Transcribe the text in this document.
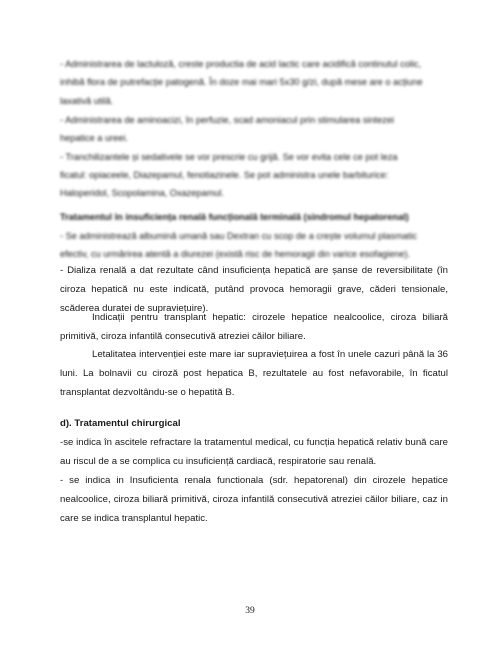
- Administrarea de lactuloză, creste productia de acid lactic care acidifică continutul colic,
inhibă flora de putrefacție patogenă. În doze mai mari 5x30 g/zi, după mese are o acțiune
laxativă utilă.
- Administrarea de aminoacizi, în perfuzie, scad amoniacul prin stimularea sintezei
hepatice a ureei.
- Tranchilizantele și sedativele se vor prescrie cu grijă. Se vor evita cele ce pot leza
ficatul: opiaceele, Diazepamul, fenotiazinele. Se pot administra unele barbiturice:
Haloperidol, Scopolamina, Oxazepamul.
Tratamentul în insuficiența renală funcțională terminală (sindromul hepatorenal)
- Se administrează albumină umană sau Dextran cu scop de a crește volumul plasmatic
efectiv, cu urmărirea atentă a diurezei (există risc de hemoragii din varice esofagiene).
- Dializa renală a dat rezultate când insuficiența hepatică are șanse de reversibilitate (în ciroza hepatică nu este indicată, putând provoca hemoragii grave, căderi tensionale, scăderea duratei de supraviețuire).
Indicații pentru transplant hepatic: cirozele hepatice nealcoolice, ciroza biliară primitivă, ciroza infantilă consecutivă atreziei căilor biliare.
Letalitatea intervenției este mare iar supraviețuirea a fost în unele cazuri până la 36 luni. La bolnavii cu ciroză post hepatica B, rezultatele au fost nefavorabile, în ficatul transplantat dezvoltându-se o hepatită B.
d). Tratamentul chirurgical
-se indica în ascitele refractare la tratamentul medical, cu funcția hepatică relativ bună care au riscul de a se complica cu insuficiență cardiacă, respiratorie sau renală.
- se indica in Insuficienta renala functionala (sdr. hepatorenal) din cirozele hepatice nealcoolice, ciroza biliară primitivă, ciroza infantilă consecutivă atreziei căilor biliare, caz in care se indica transplantul hepatic.
39
